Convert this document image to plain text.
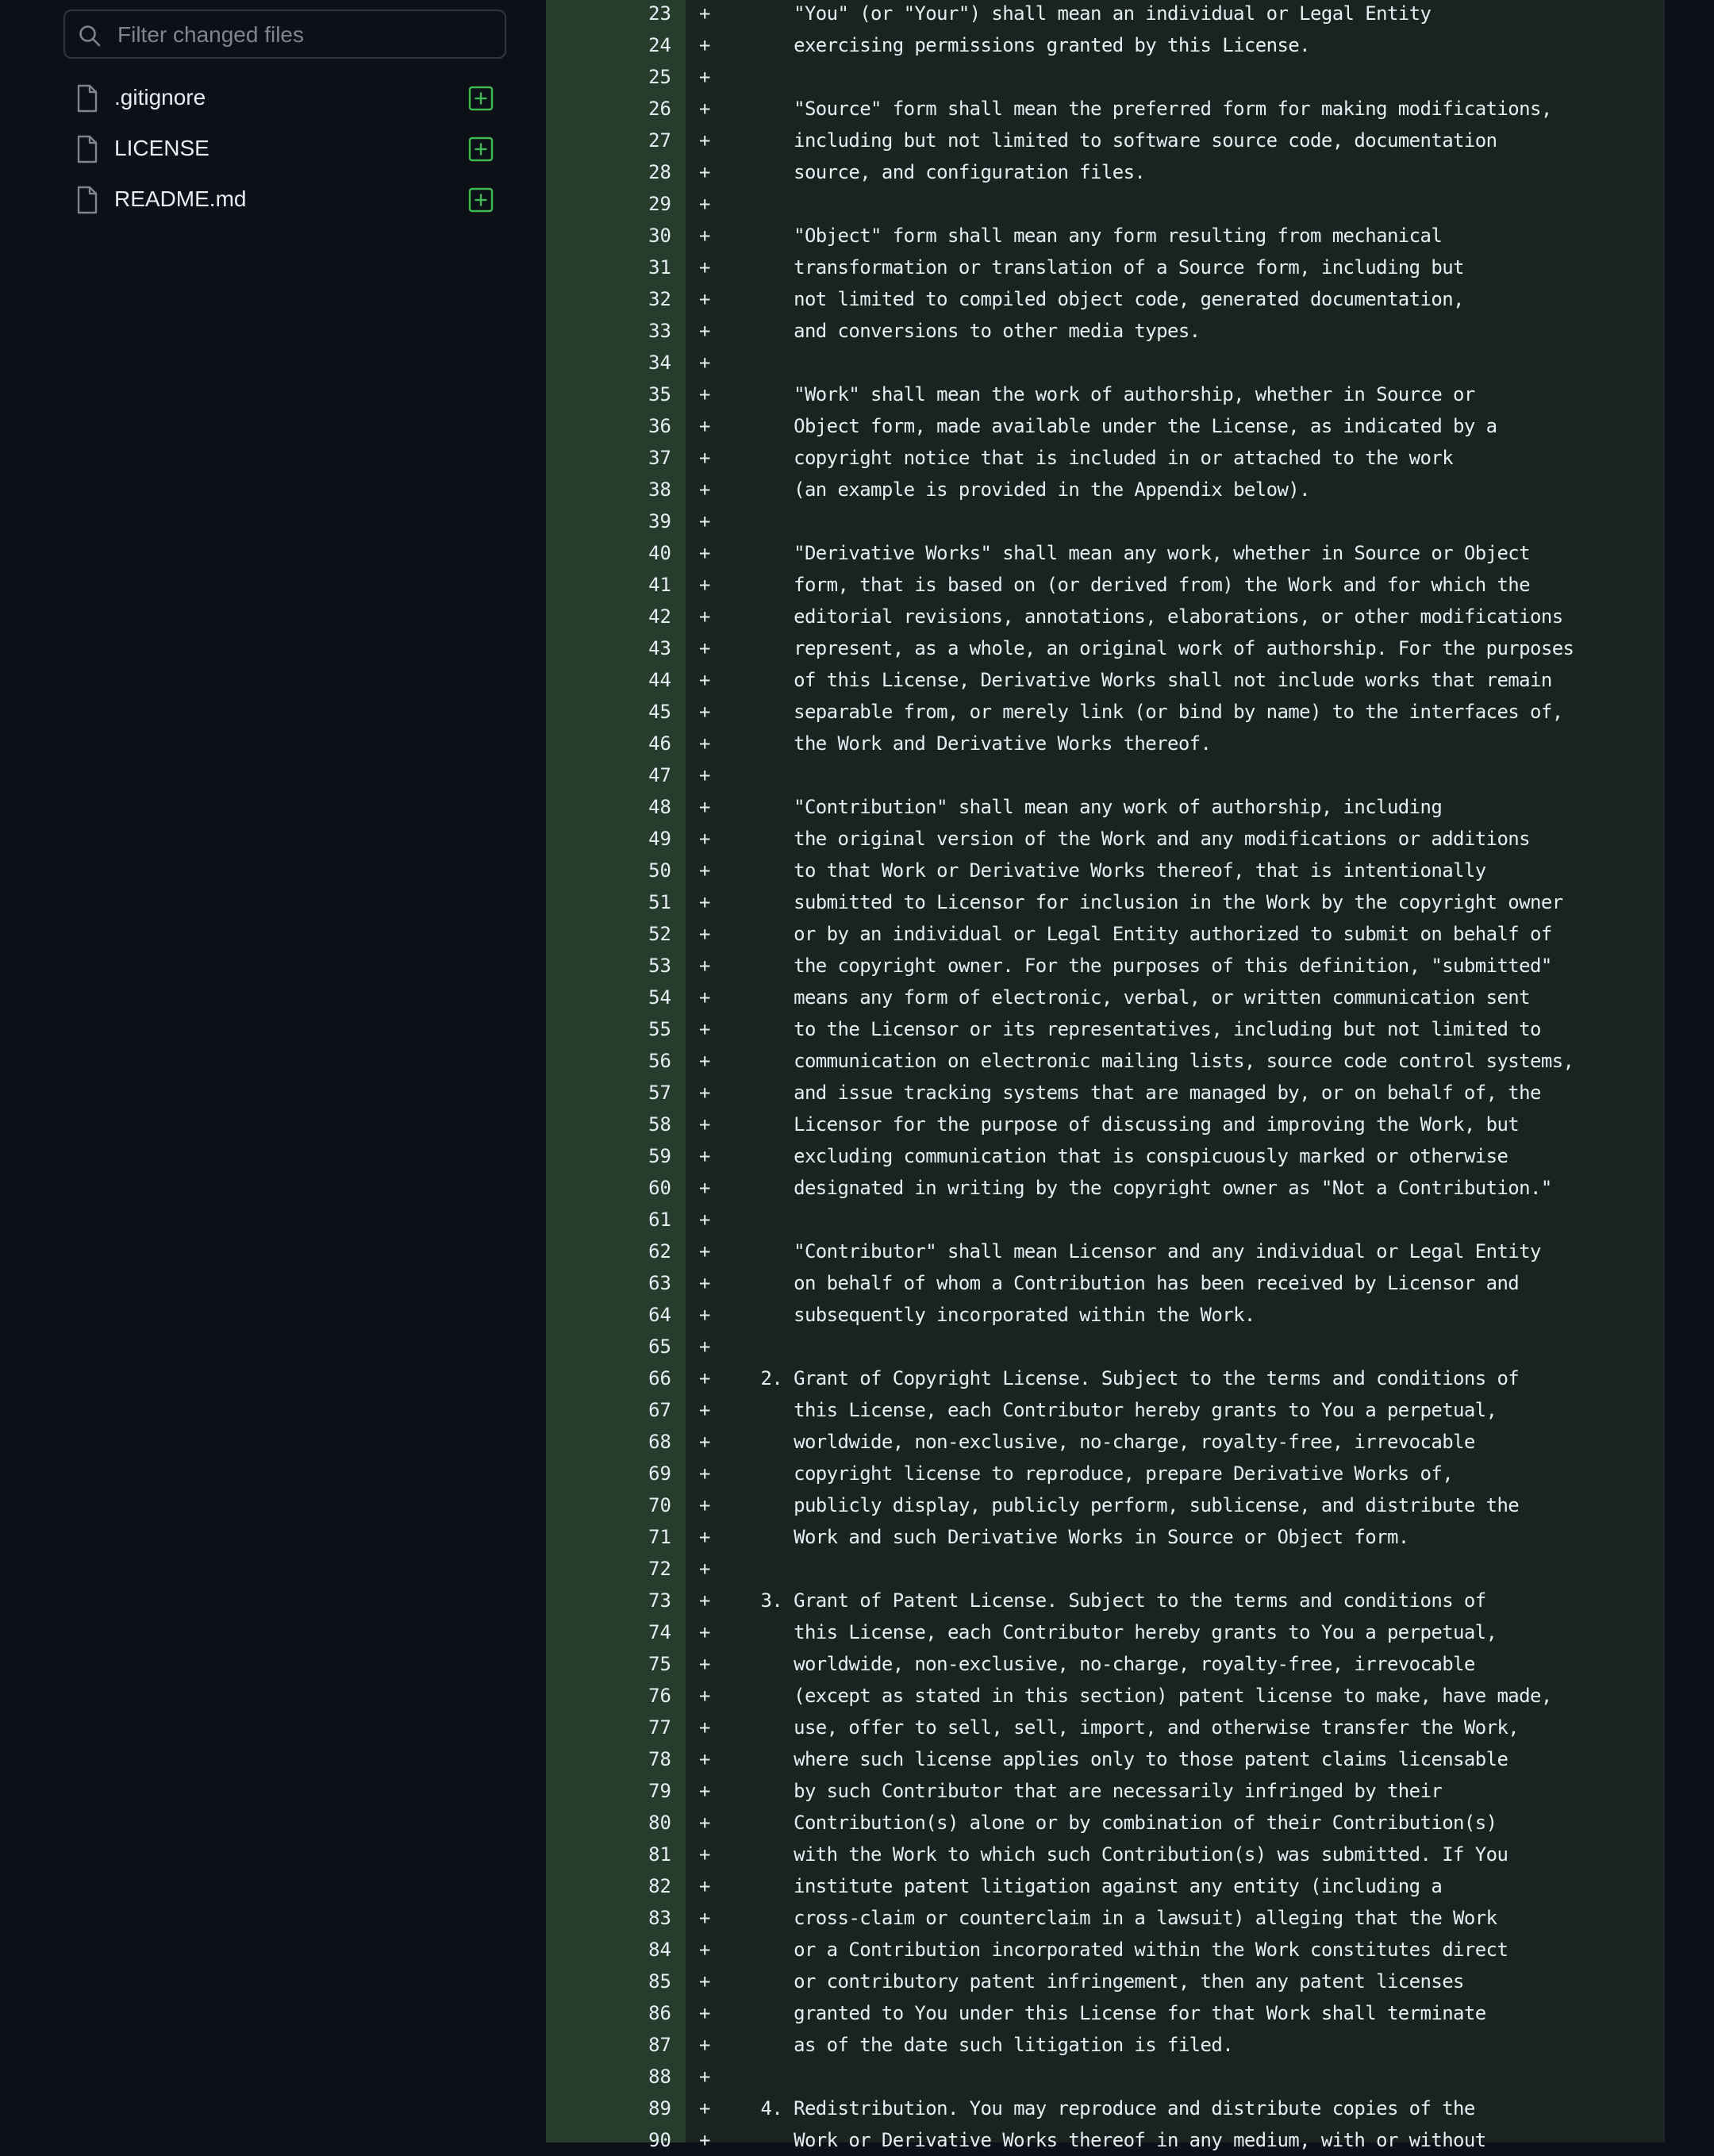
Filter changed files
.gitignore
LICENSE
README.md
23 + "You" (or "Your") shall mean an individual or Legal Entity
24 + exercising permissions granted by this License.
25 +
26 + "Source" form shall mean the preferred form for making modifications,
27 + including but not limited to software source code, documentation
28 + source, and configuration files.
29 +
30 + "Object" form shall mean any form resulting from mechanical
31 + transformation or translation of a Source form, including but
32 + not limited to compiled object code, generated documentation,
33 + and conversions to other media types.
34 +
35 + "Work" shall mean the work of authorship, whether in Source or
36 + Object form, made available under the License, as indicated by a
37 + copyright notice that is included in or attached to the work
38 + (an example is provided in the Appendix below).
39 +
40 + "Derivative Works" shall mean any work, whether in Source or Object
41 + form, that is based on (or derived from) the Work and for which the
42 + editorial revisions, annotations, elaborations, or other modifications
43 + represent, as a whole, an original work of authorship. For the purposes
44 + of this License, Derivative Works shall not include works that remain
45 + separable from, or merely link (or bind by name) to the interfaces of,
46 + the Work and Derivative Works thereof.
47 +
48 + "Contribution" shall mean any work of authorship, including
49 + the original version of the Work and any modifications or additions
50 + to that Work or Derivative Works thereof, that is intentionally
51 + submitted to Licensor for inclusion in the Work by the copyright owner
52 + or by an individual or Legal Entity authorized to submit on behalf of
53 + the copyright owner. For the purposes of this definition, "submitted"
54 + means any form of electronic, verbal, or written communication sent
55 + to the Licensor or its representatives, including but not limited to
56 + communication on electronic mailing lists, source code control systems,
57 + and issue tracking systems that are managed by, or on behalf of, the
58 + Licensor for the purpose of discussing and improving the Work, but
59 + excluding communication that is conspicuously marked or otherwise
60 + designated in writing by the copyright owner as "Not a Contribution."
61 +
62 + "Contributor" shall mean Licensor and any individual or Legal Entity
63 + on behalf of whom a Contribution has been received by Licensor and
64 + subsequently incorporated within the Work.
65 +
66 + 2. Grant of Copyright License. Subject to the terms and conditions of
67 + this License, each Contributor hereby grants to You a perpetual,
68 + worldwide, non-exclusive, no-charge, royalty-free, irrevocable
69 + copyright license to reproduce, prepare Derivative Works of,
70 + publicly display, publicly perform, sublicense, and distribute the
71 + Work and such Derivative Works in Source or Object form.
72 +
73 + 3. Grant of Patent License. Subject to the terms and conditions of
74 + this License, each Contributor hereby grants to You a perpetual,
75 + worldwide, non-exclusive, no-charge, royalty-free, irrevocable
76 + (except as stated in this section) patent license to make, have made,
77 + use, offer to sell, sell, import, and otherwise transfer the Work,
78 + where such license applies only to those patent claims licensable
79 + by such Contributor that are necessarily infringed by their
80 + Contribution(s) alone or by combination of their Contribution(s)
81 + with the Work to which such Contribution(s) was submitted. If You
82 + institute patent litigation against any entity (including a
83 + cross-claim or counterclaim in a lawsuit) alleging that the Work
84 + or a Contribution incorporated within the Work constitutes direct
85 + or contributory patent infringement, then any patent licenses
86 + granted to You under this License for that Work shall terminate
87 + as of the date such litigation is filed.
88 +
89 + 4. Redistribution. You may reproduce and distribute copies of the
90 + Work or Derivative Works thereof in any medium, with or without
